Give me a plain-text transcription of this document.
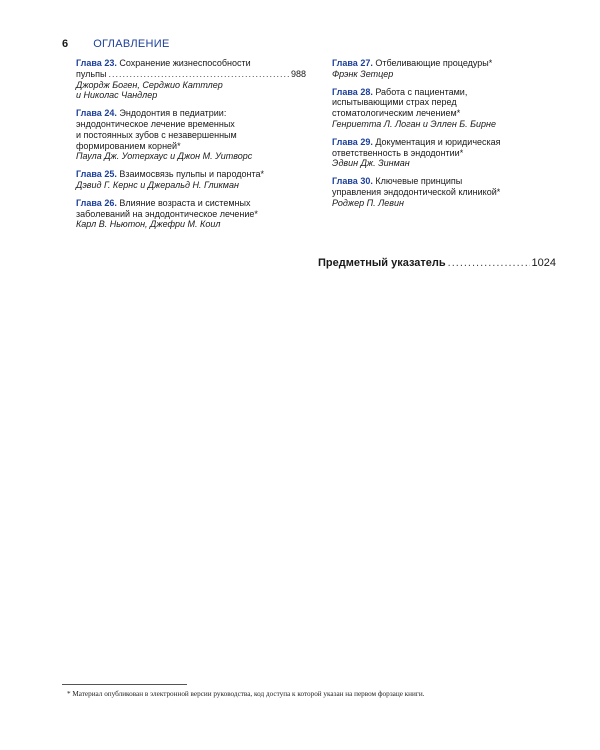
6 ОГЛАВЛЕНИЕ
Глава 23. Сохранение жизнеспособности
пульпы .....	988
Джордж Боген, Серджио Каттлер
и Николас Чандлер
Глава 24. Эндодонтия в педиатрии:
эндодонтическое лечение временных
и постоянных зубов с незавершенным
формированием корней*
Паула Дж. Уотерхаус и Джон М. Уитворс
Глава 25. Взаимосвязь пульпы и пародонта*
Дэвид Г. Кернс и Джеральд Н. Гликман
Глава 26. Влияние возраста и системных
заболеваний на эндодонтическое лечение*
Карл В. Ньютон, Джефри М. Коил
Глава 27. Отбеливающие процедуры*
Фрэнк Зетцер
Глава 28. Работа с пациентами,
испытывающими страх перед
стоматологическим лечением*
Генриетта Л. Логан и Эллен Б. Бирне
Глава 29. Документация и юридическая
ответственность в эндодонтии*
Эдвин Дж. Зинман
Глава 30. Ключевые принципы
управления эндодонтической клиникой*
Роджер П. Левин
Предметный указатель .....	1024
* Материал опубликован в электронной версии руководства, код доступа к которой указан на первом форзаце книги.
